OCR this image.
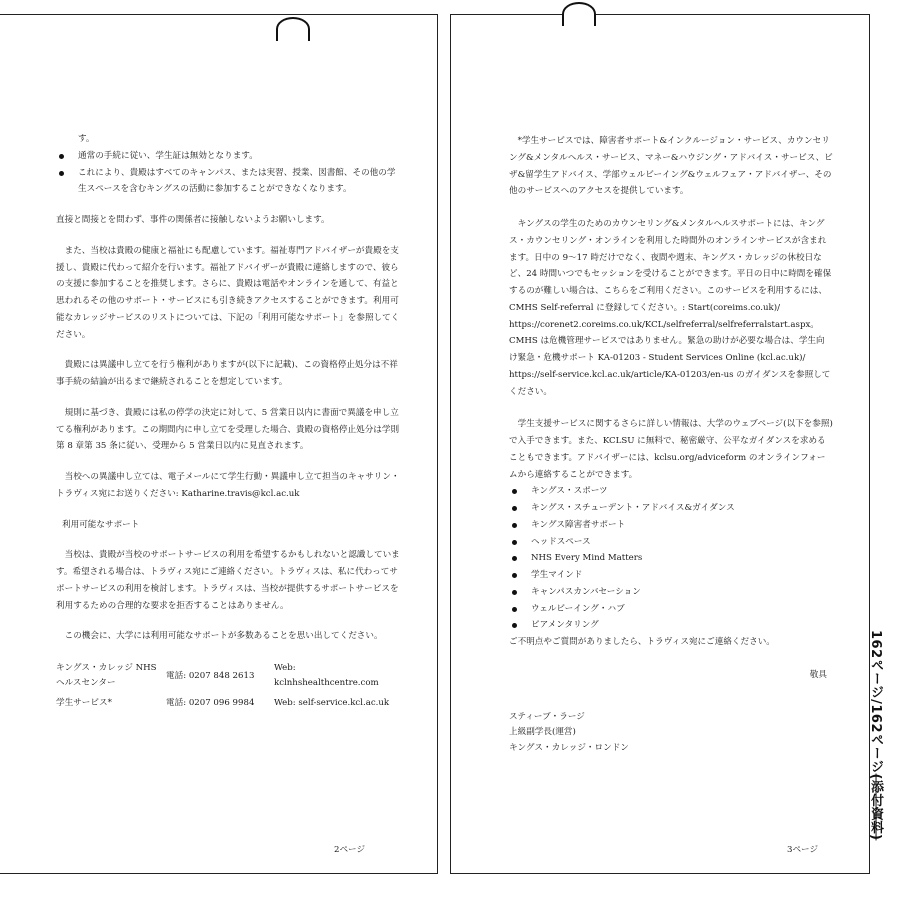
す。

通常の手続に従い、学生証は無効となります。
これにより、貴殿はすべてのキャンパス、または実習、授業、図書館、その他の学生スペースを含むキングスの活動に参加することができなくなります。

直接と間接とを問わず、事件の関係者に接触しないようお願いします。

また、当校は貴殿の健康と福祉にも配慮しています。福祉専門アドバイザーが貴殿を支援し、貴殿に代わって紹介を行います。福祉アドバイザーが貴殿に連絡しますので、彼らの支援に参加することを推奨します。さらに、貴殿は電話やオンラインを通して、有益と思われるその他のサポート・サービスにも引き続きアクセスすることができます。利用可能なカレッジサービスのリストについては、下記の「利用可能なサポート」を参照してください。

貴殿には異議申し立てを行う権利がありますが(以下に記載)、この資格停止処分は不祥事手続の結論が出るまで継続されることを想定しています。

規則に基づき、貴殿には私の停学の決定に対して、5 営業日以内に書面で異議を申し立てる権利があります。この期間内に申し立てを受理した場合、貴殿の資格停止処分は学則第 8 章第 35 条に従い、受理から 5 営業日以内に見直されます。

当校への異議申し立ては、電子メールにて学生行動・異議申し立て担当のキャサリン・トラヴィス宛にお送りください: Katharine.travis@kcl.ac.uk

利用可能なサポート

当校は、貴殿が当校のサポートサービスの利用を希望するかもしれないと認識しています。希望される場合は、トラヴィス宛にご連絡ください。トラヴィスは、私に代わってサポートサービスの利用を検討します。トラヴィスは、当校が提供するサポートサービスを利用するための合理的な要求を拒否することはありません。

この機会に、大学には利用可能なサポートが多数あることを思い出してください。

キングス・カレッジ NHS ヘルスセンター	電話: 0207 848 2613	Web: kclnhshealthcentre.com
学生サービス*	電話: 0207 096 9984	Web: self-service.kcl.ac.uk
2ページ

*学生サービスでは、障害者サポート&インクルージョン・サービス、カウンセリング&メンタルヘルス・サービス、マネー&ハウジング・アドバイス・サービス、ビザ&留学生アドバイス、学部ウェルビーイング&ウェルフェア・アドバイザー、その他のサービスへのアクセスを提供しています。

キングスの学生のためのカウンセリング&メンタルヘルスサポートには、キングス・カウンセリング・オンラインを利用した時間外のオンラインサービスが含まれます。日中の 9～17 時だけでなく、夜間や週末、キングス・カレッジの休校日など、24 時間いつでもセッションを受けることができます。平日の日中に時間を確保するのが難しい場合は、こちらをご利用ください。このサービスを利用するには、CMHS Self-referral に登録してください。: Start(coreims.co.uk)/ https://corenet2.coreims.co.uk/KCL/selfreferral/selfreferralstart.aspx。CMHS は危機管理サービスではありません。緊急の助けが必要な場合は、学生向け緊急・危機サポート KA-01203 - Student Services Online (kcl.ac.uk)/ https://self-service.kcl.ac.uk/article/KA-01203/en-us のガイダンスを参照してください。

学生支援サービスに関するさらに詳しい情報は、大学のウェブページ(以下を参照)で入手できます。また、KCLSU に無料で、秘密厳守、公平なガイダンスを求めることもできます。アドバイザーには、kclsu.org/adviceform のオンラインフォームから連絡することができます。

キングス・スポーツ
キングス・スチューデント・アドバイス&ガイダンス
キングス障害者サポート
ヘッドスペース
NHS Every Mind Matters
学生マインド
キャンパスカンバセーション
ウェルビーイング・ハブ
ピアメンタリング

ご不明点やご質問がありましたら、トラヴィス宛にご連絡ください。

敬具

スティーブ・ラージ

上級副学長(運営)

キングス・カレッジ・ロンドン

3ページ
162ページ/162ページ(添付資料)
